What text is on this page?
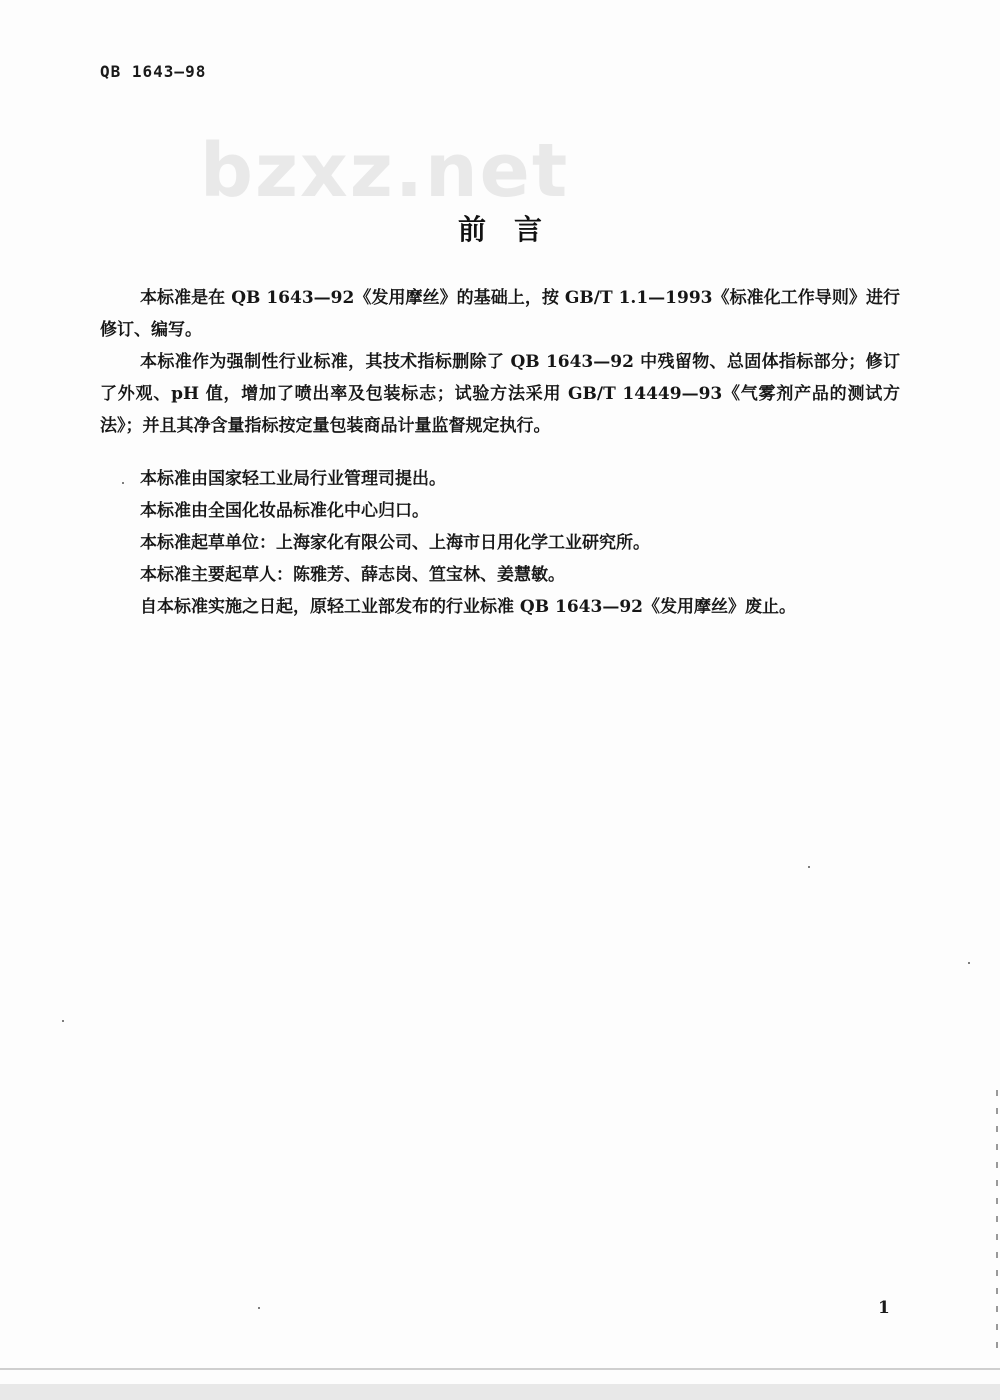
QB 1643—98
bzxz.net
前言

本标准是在 QB 1643—92《发用摩丝》的基础上，按 GB/T 1.1—1993《标准化工作导则》进行修订、编写。

本标准作为强制性行业标准，其技术指标删除了 QB 1643—92 中残留物、总固体指标部分；修订了外观、pH 值，增加了喷出率及包装标志；试验方法采用 GB/T 14449—93《气雾剂产品的测试方法》；并且其净含量指标按定量包装商品计量监督规定执行。

本标准由国家轻工业局行业管理司提出。

本标准由全国化妆品标准化中心归口。

本标准起草单位：上海家化有限公司、上海市日用化学工业研究所。

本标准主要起草人：陈雅芳、薛志岗、笪宝林、姜慧敏。

自本标准实施之日起，原轻工业部发布的行业标准 QB 1643—92《发用摩丝》废止。

1
